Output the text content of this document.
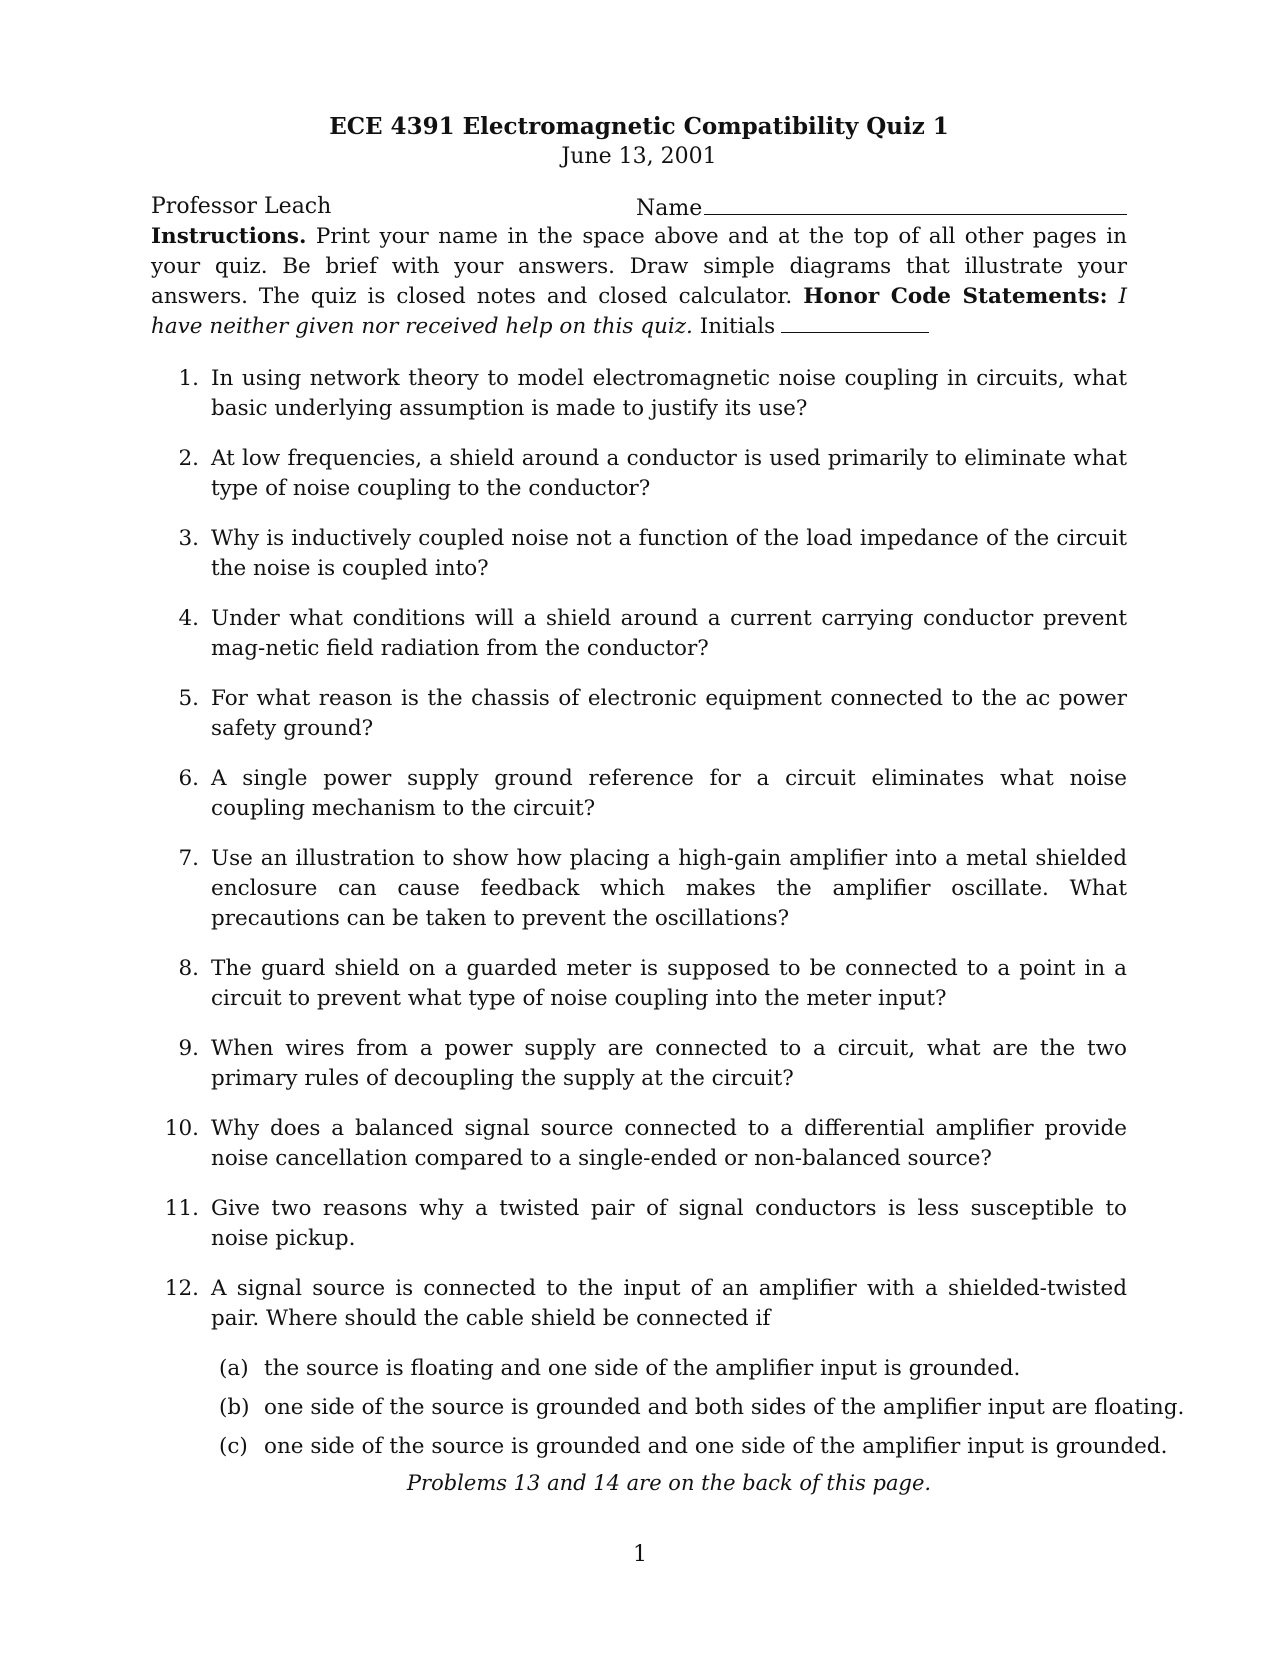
ECE 4391 Electromagnetic Compatibility Quiz 1

June 13, 2001

Professor Leach	Name

Instructions. Print your name in the space above and at the top of all other pages in your quiz. Be brief with your answers. Draw simple diagrams that illustrate your answers. The quiz is closed notes and closed calculator. Honor Code Statements: I have neither given nor received help on this quiz. Initials

1. In using network theory to model electromagnetic noise coupling in circuits, what basic underlying assumption is made to justify its use?
2. At low frequencies, a shield around a conductor is used primarily to eliminate what type of noise coupling to the conductor?
3. Why is inductively coupled noise not a function of the load impedance of the circuit the noise is coupled into?
4. Under what conditions will a shield around a current carrying conductor prevent mag-netic field radiation from the conductor?
5. For what reason is the chassis of electronic equipment connected to the ac power safety ground?
6. A single power supply ground reference for a circuit eliminates what noise coupling mechanism to the circuit?
7. Use an illustration to show how placing a high-gain amplifier into a metal shielded enclosure can cause feedback which makes the amplifier oscillate. What precautions can be taken to prevent the oscillations?
8. The guard shield on a guarded meter is supposed to be connected to a point in a circuit to prevent what type of noise coupling into the meter input?
9. When wires from a power supply are connected to a circuit, what are the two primary rules of decoupling the supply at the circuit?
10. Why does a balanced signal source connected to a differential amplifier provide noise cancellation compared to a single-ended or non-balanced source?
11. Give two reasons why a twisted pair of signal conductors is less susceptible to noise pickup.
12. A signal source is connected to the input of an amplifier with a shielded-twisted pair. Where should the cable shield be connected if
(a) the source is floating and one side of the amplifier input is grounded.
(b) one side of the source is grounded and both sides of the amplifier input are floating.
(c) one side of the source is grounded and one side of the amplifier input is grounded.

Problems 13 and 14 are on the back of this page.

1
